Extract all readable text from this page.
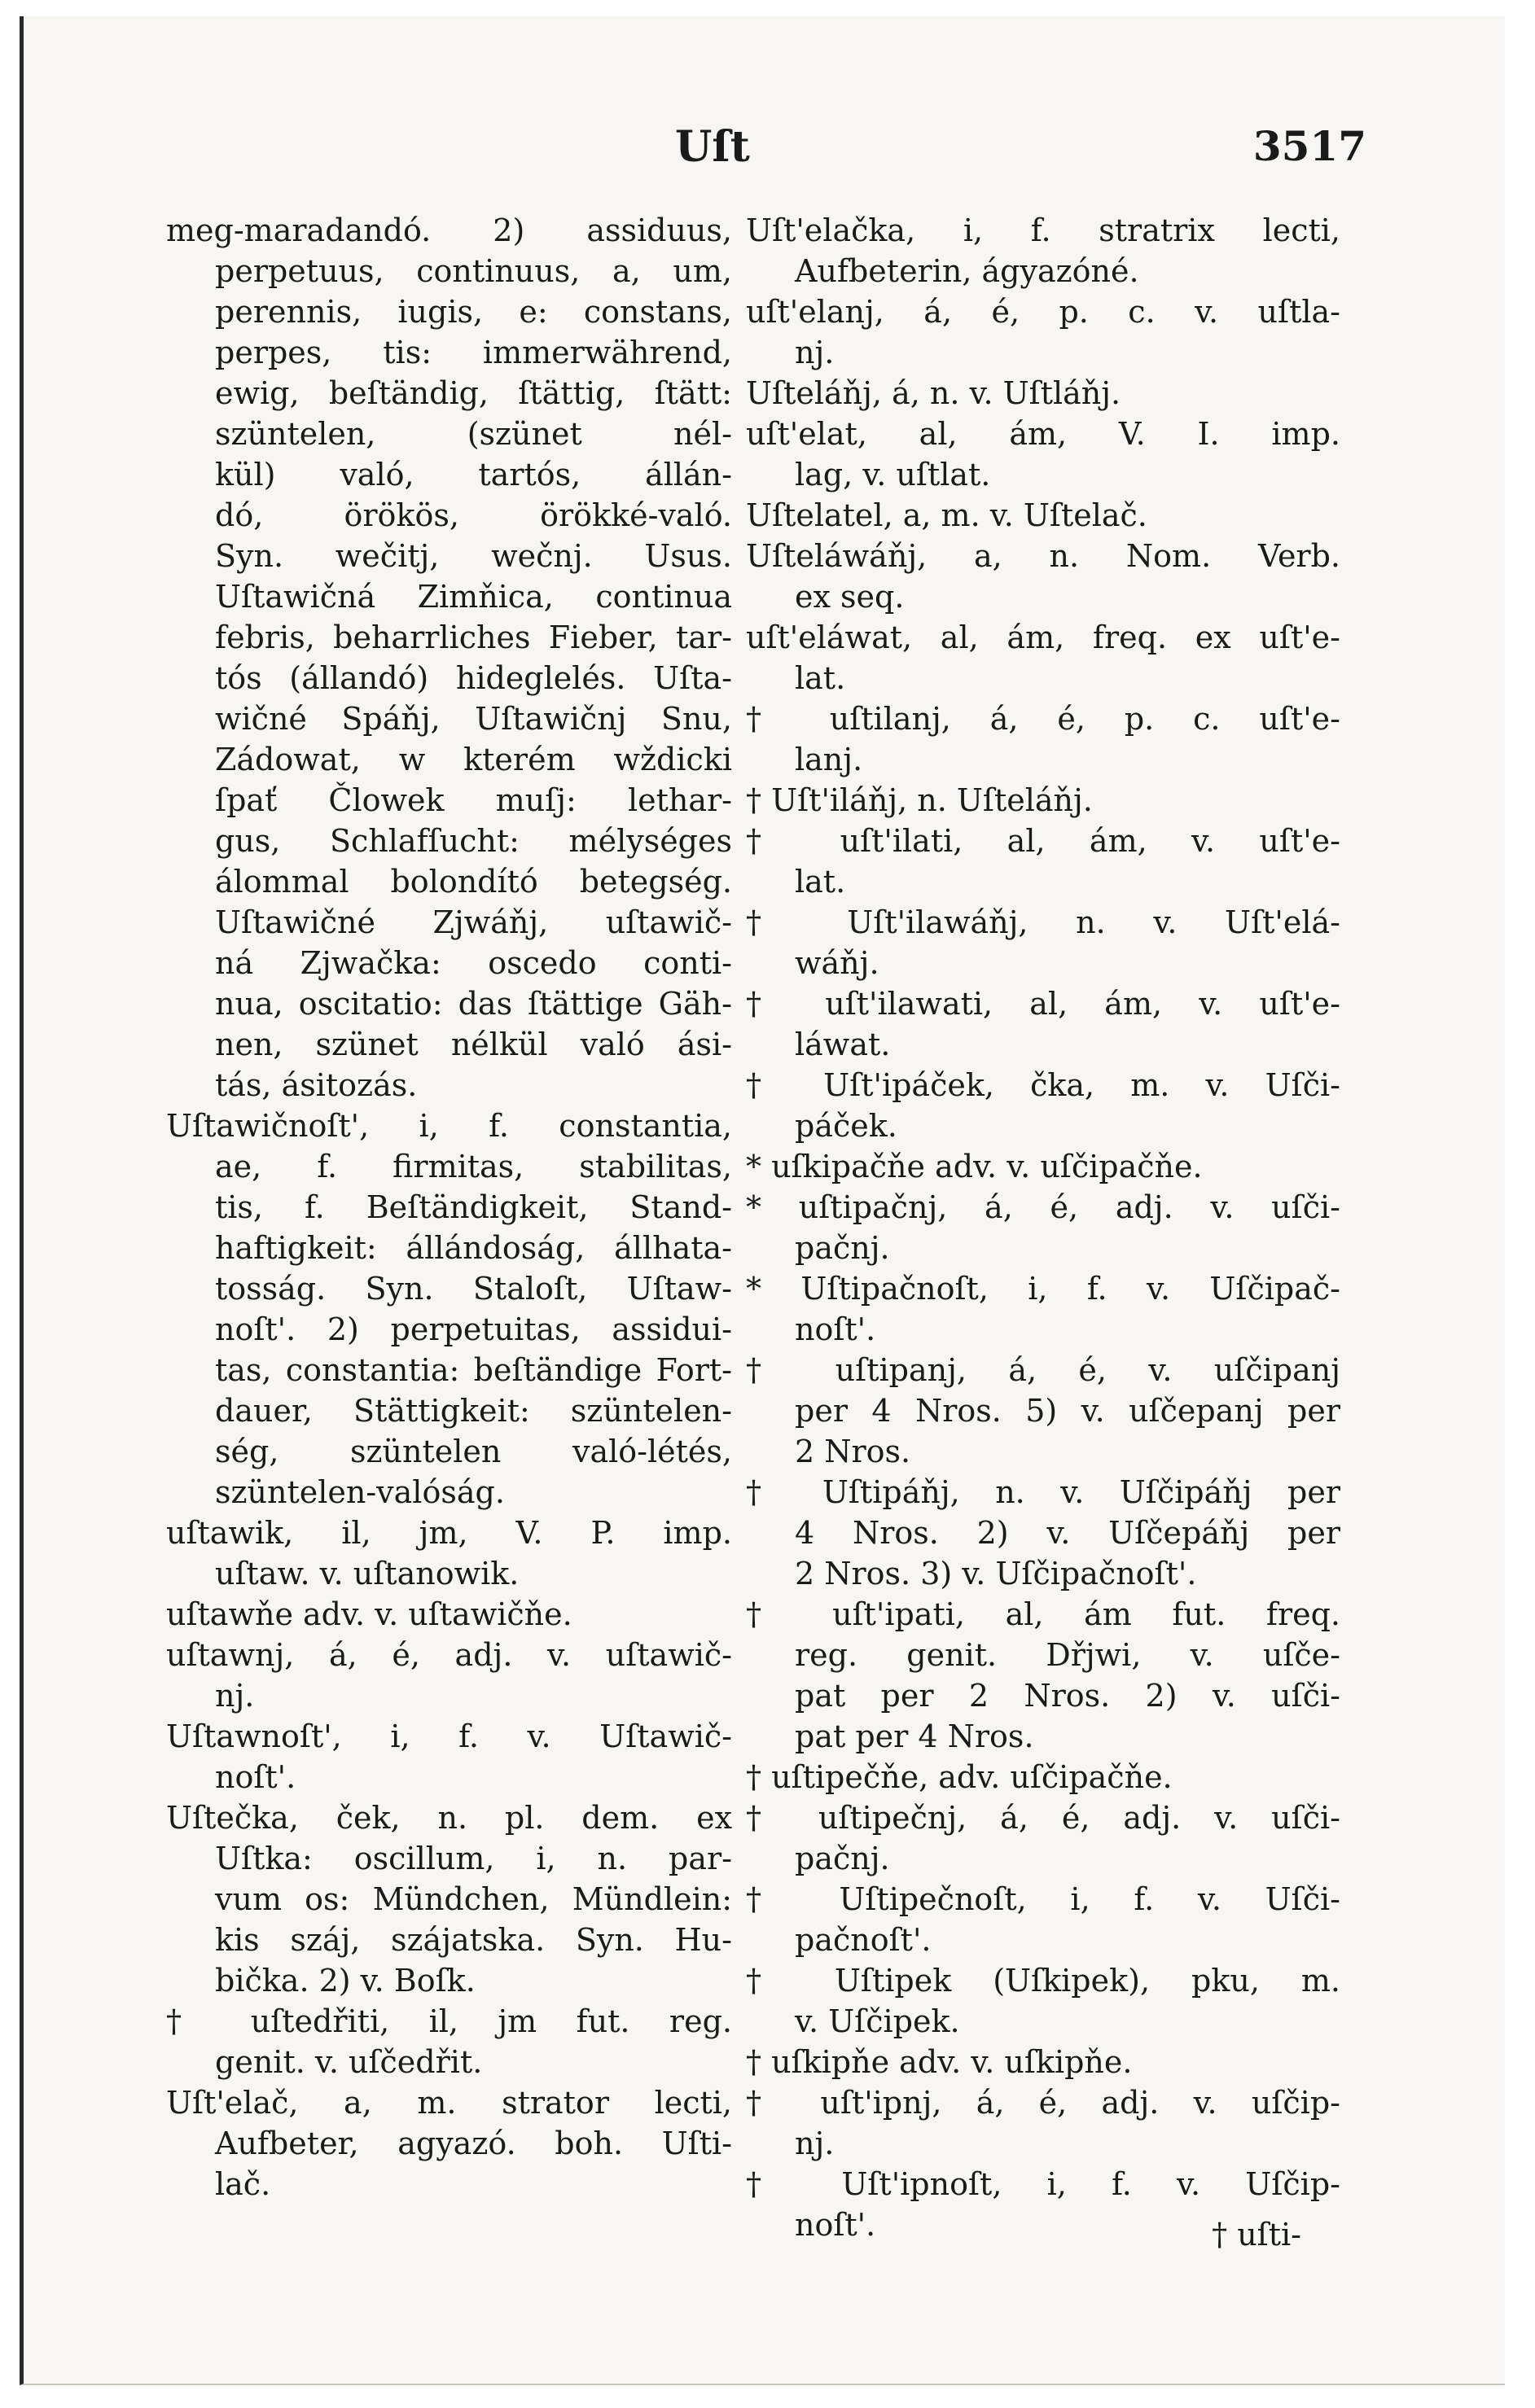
Uſt	3517
meg-maradandó. 2) assiduus,
perpetuus, continuus, a, um,
perennis, iugis, e: constans,
perpes, tis: immerwährend,
ewig, beſtändig, ſtättig, ſtätt:
szüntelen, (szünet nél-
kül) való, tartós, állán-
dó, örökös, örökké-való.
Syn. wečitj, wečnj. Usus.
Uſtawičná Zimňica, continua
febris, beharrliches Fieber, tar-
tós (állandó) hideglelés. Uſta-
wičné Spáňj, Uſtawičnj Snu,
Zádowat, w kterém wždicki
ſpať Člowek muſj: lethar-
gus, Schlafſucht: mélységes
álommal bolondító betegség.
Uſtawičné Zjwáňj, uſtawič-
ná Zjwačka: oscedo conti-
nua, oscitatio: das ſtättige Gäh-
nen, szünet nélkül való ási-
tás, ásitozás.
Uſtawičnoſt', i, f. constantia,
ae, f. firmitas, stabilitas,
tis, f. Beſtändigkeit, Stand-
haftigkeit: állándoság, állhata-
tosság. Syn. Staloſt, Uſtaw-
noſt'. 2) perpetuitas, assidui-
tas, constantia: beſtändige Fort-
dauer, Stättigkeit: szüntelen-
ség, szüntelen való-létés,
szüntelen-valóság.
uſtawik, il, jm, V. P. imp.
uſtaw. v. uſtanowik.
uſtawňe adv. v. uſtawičňe.
uſtawnj, á, é, adj. v. uſtawič-
nj.
Uſtawnoſt', i, f. v. Uſtawič-
noſt'.
Uſtečka, ček, n. pl. dem. ex
Uſtka: oscillum, i, n. par-
vum os: Mündchen, Mündlein:
kis száj, szájatska. Syn. Hu-
bička. 2) v. Boſk.
† uſtedřiti, il, jm fut. reg.
genit. v. uſčedřit.
Uſt'elač, a, m. strator lecti,
Aufbeter, agyazó. boh. Uſti-
lač.
Uſt'elačka, i, f. stratrix lecti,
Aufbeterin, ágyazóné.
uſt'elanj, á, é, p. c. v. uſtla-
nj.
Uſteláňj, á, n. v. Uſtláňj.
uſt'elat, al, ám, V. I. imp.
lag, v. uſtlat.
Uſtelatel, a, m. v. Uſtelač.
Uſteláwáňj, a, n. Nom. Verb.
ex seq.
uſt'eláwat, al, ám, freq. ex uſt'e-
lat.
† uſtilanj, á, é, p. c. uſt'e-
lanj.
† Uſt'iláňj, n. Uſteláňj.
† uſt'ilati, al, ám, v. uſt'e-
lat.
† Uſt'ilawáňj, n. v. Uſt'elá-
wáňj.
† uſt'ilawati, al, ám, v. uſt'e-
láwat.
† Uſt'ipáček, čka, m. v. Uſči-
páček.
* uſkipačňe adv. v. uſčipačňe.
* uſtipačnj, á, é, adj. v. uſči-
pačnj.
* Uſtipačnoſt, i, f. v. Uſčipač-
noſt'.
† uſtipanj, á, é, v. uſčipanj
per 4 Nros. 5) v. uſčepanj per
2 Nros.
† Uſtipáňj, n. v. Uſčipáňj per
4 Nros. 2) v. Uſčepáňj per
2 Nros. 3) v. Uſčipačnoſt'.
† uſt'ipati, al, ám fut. freq.
reg. genit. Dřjwi, v. uſče-
pat per 2 Nros. 2) v. uſči-
pat per 4 Nros.
† uſtipečňe, adv. uſčipačňe.
† uſtipečnj, á, é, adj. v. uſči-
pačnj.
† Uſtipečnoſt, i, f. v. Uſči-
pačnoſt'.
† Uſtipek (Uſkipek), pku, m.
v. Uſčipek.
† uſkipňe adv. v. uſkipňe.
† uſt'ipnj, á, é, adj. v. uſčip-
nj.
† Uſt'ipnoſt, i, f. v. Uſčip-
noſt'.	† uſti-
